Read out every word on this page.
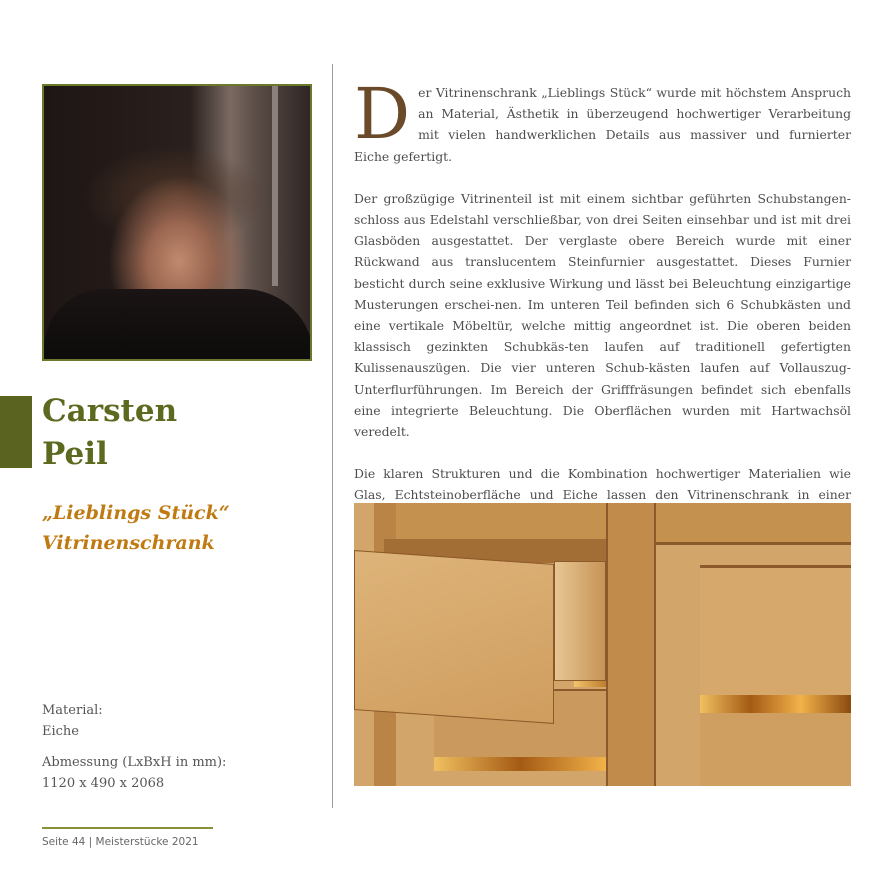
Carsten
Peil
„Lieblings Stück“
Vitrinenschrank
Material:
Eiche
Abmessung (LxBxH in mm):
1120 x 490 x 2068
Seite 44 | Meisterstücke 2021

Der Vitrinenschrank „Lieblings Stück“ wurde mit höchstem Anspruch an Material, Ästhetik in überzeugend hochwertiger Verarbeitung mit vielen handwerklichen Details aus massiver und furnierter Eiche gefertigt.

Der großzügige Vitrinenteil ist mit einem sichtbar geführten Schubstangen-schloss aus Edelstahl verschließbar, von drei Seiten einsehbar und ist mit drei Glasböden ausgestattet. Der verglaste obere Bereich wurde mit einer Rückwand aus translucentem Steinfurnier ausgestattet. Dieses Furnier besticht durch seine exklusive Wirkung und lässt bei Beleuchtung einzigartige Musterungen erschei-nen. Im unteren Teil befinden sich 6 Schubkästen und eine vertikale Möbeltür, welche mittig angeordnet ist. Die oberen beiden klassisch gezinkten Schubkäs-ten laufen auf traditionell gefertigten Kulissenauszügen. Die vier unteren Schub-kästen laufen auf Vollauszug-Unterflurführungen. Im Bereich der Grifffräsungen befindet sich ebenfalls eine integrierte Beleuchtung. Die Oberflächen wurden mit Hartwachsöl veredelt.

Die klaren Strukturen und die Kombination hochwertiger Materialien wie Glas, Echtsteinoberfläche und Eiche lassen den Vitrinenschrank in einer
